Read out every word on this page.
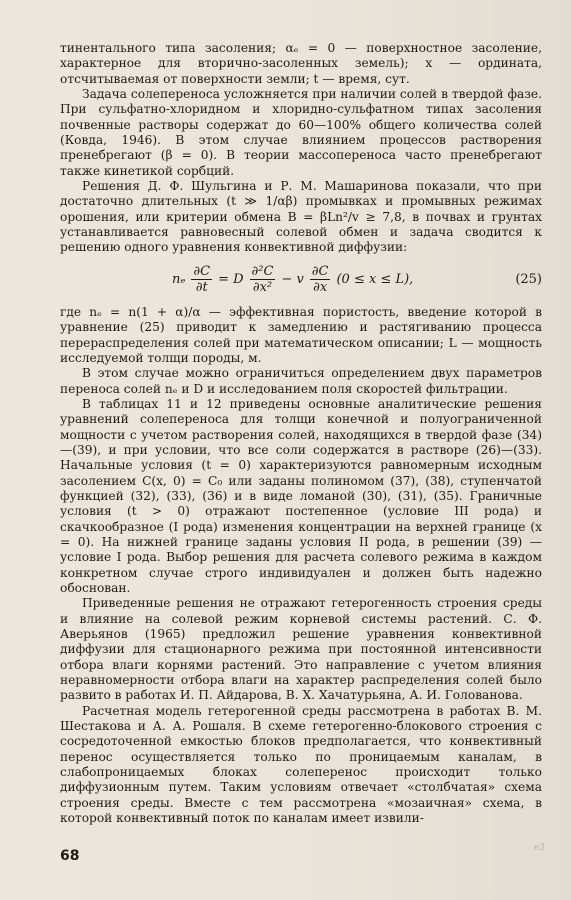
тинентального типа засоления; αₑ = 0 — поверхностное засоление, характерное для вторично-засоленных земель); x — ордината, отсчитываемая от поверхности земли; t — время, сут.

Задача солепереноса усложняется при наличии солей в твердой фазе. При сульфатно-хлоридном и хлоридно-сульфатном типах засоления почвенные растворы содержат до 60—100% общего количества солей (Ковда, 1946). В этом случае влиянием процессов растворения пренебрегают (β = 0). В теории массопереноса часто пренебрегают также кинетикой сорбций.

Решения Д. Ф. Шульгина и Р. М. Машаринова показали, что при достаточно длительных (t ≫ 1/αβ) промывках и промывных режимах орошения, или критерии обмена B = βLn²/v ≥ 7,8, в почвах и грунтах устанавливается равновесный солевой обмен и задача сводится к решению одного уравнения конвективной диффузии:

nₑ $\frac{\partial C}{\partial t} = D \frac{\text{∂²C}}{\text{∂x²}} - v \frac{\partial C}{\partial x} (0 \le x \le L)$,	(25)

где nₑ = n(1 + α)/α — эффективная пористость, введение которой в уравнение (25) приводит к замедлению и растягиванию процесса перераспределения солей при математическом описании; L — мощность исследуемой толщи породы, м.

В этом случае можно ограничиться определением двух параметров переноса солей nₑ и D и исследованием поля скоростей фильтрации.

В таблицах 11 и 12 приведены основные аналитические решения уравнений солепереноса для толщи конечной и полуограниченной мощности с учетом растворения солей, находящихся в твердой фазе (34)—(39), и при условии, что все соли содержатся в растворе (26)—(33). Начальные условия (t = 0) характеризуются равномерным исходным засолением C(x, 0) = C₀ или заданы полиномом (37), (38), ступенчатой функцией (32), (33), (36) и в виде ломаной (30), (31), (35). Граничные условия (t > 0) отражают постепенное (условие III рода) и скачкообразное (I рода) изменения концентрации на верхней границе (x = 0). На нижней границе заданы условия II рода, в решении (39) — условие I рода. Выбор решения для расчета солевого режима в каждом конкретном случае строго индивидуален и должен быть надежно обоснован.

Приведенные решения не отражают гетерогенность строения среды и влияние на солевой режим корневой системы растений. С. Ф. Аверьянов (1965) предложил решение уравнения конвективной диффузии для стационарного режима при постоянной интенсивности отбора влаги корнями растений. Это направление с учетом влияния неравномерности отбора влаги на характер распределения солей было развито в работах И. П. Айдарова, В. Х. Хачатурьяна, А. И. Голованова.

Расчетная модель гетерогенной среды рассмотрена в работах В. М. Шестакова и А. А. Рошаля. В схеме гетерогенно-блокового строения с сосредоточенной емкостью блоков предполагается, что конвективный перенос осуществляется только по проницаемым каналам, в слабопроницаемых блоках солеперенос происходит только диффузионным путем. Таким условиям отвечает «столбчатая» схема строения среды. Вместе с тем рассмотрена «мозаичная» схема, в которой конвективный поток по каналам имеет извили-

68	е3
